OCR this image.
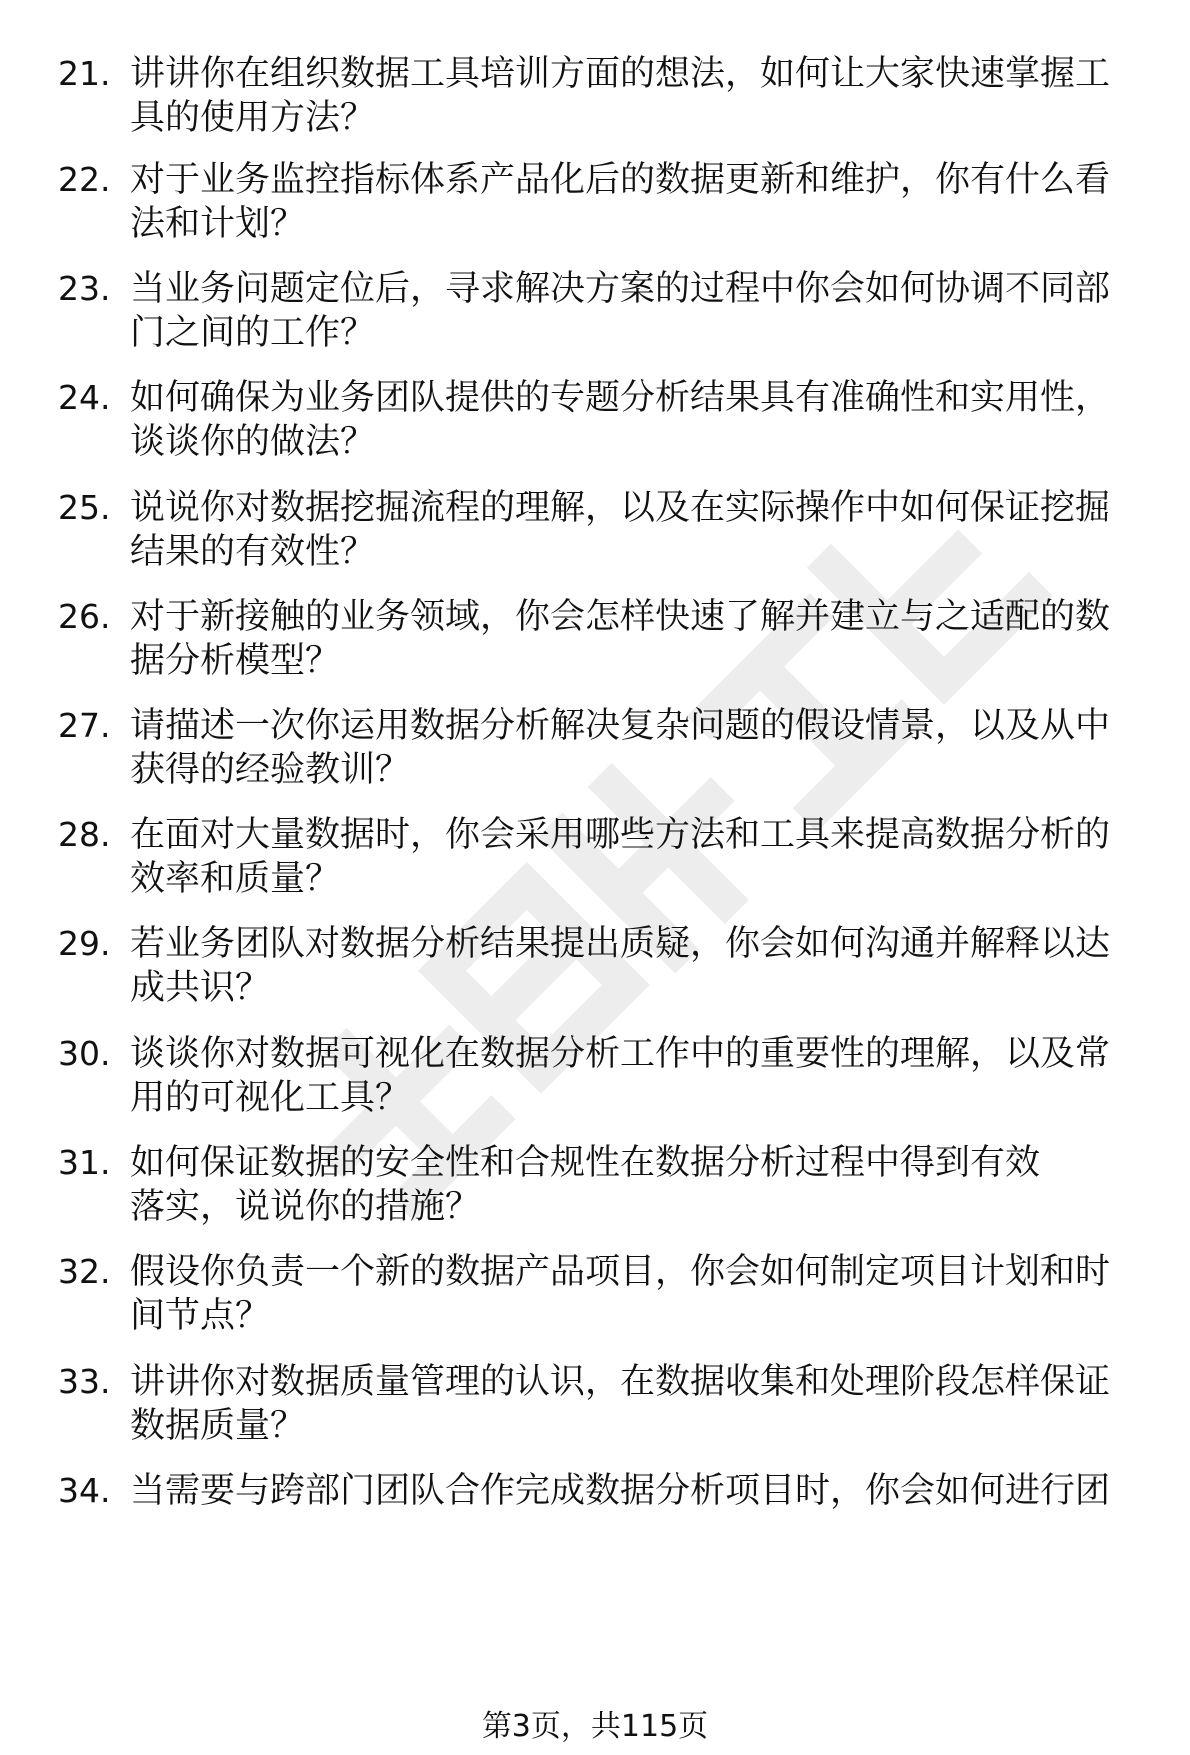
21. 讲讲你在组织数据工具培训方面的想法，如何让大家快速掌握工具的使用方法？
22. 对于业务监控指标体系产品化后的数据更新和维护，你有什么看法和计划？
23. 当业务问题定位后，寻求解决方案的过程中你会如何协调不同部门之间的工作？
24. 如何确保为业务团队提供的专题分析结果具有准确性和实用性，谈谈你的做法？
25. 说说你对数据挖掘流程的理解，以及在实际操作中如何保证挖掘结果的有效性？
26. 对于新接触的业务领域，你会怎样快速了解并建立与之适配的数据分析模型？
27. 请描述一次你运用数据分析解决复杂问题的假设情景，以及从中获得的经验教训？
28. 在面对大量数据时，你会采用哪些方法和工具来提高数据分析的效率和质量？
29. 若业务团队对数据分析结果提出质疑，你会如何沟通并解释以达成共识？
30. 谈谈你对数据可视化在数据分析工作中的重要性的理解，以及常用的可视化工具？
31. 如何保证数据的安全性和合规性在数据分析过程中得到有效落实，说说你的措施？
32. 假设你负责一个新的数据产品项目，你会如何制定项目计划和时间节点？
33. 讲讲你对数据质量管理的认识，在数据收集和处理阶段怎样保证数据质量？
34. 当需要与跨部门团队合作完成数据分析项目时，你会如何进行团
第3页，共115页
